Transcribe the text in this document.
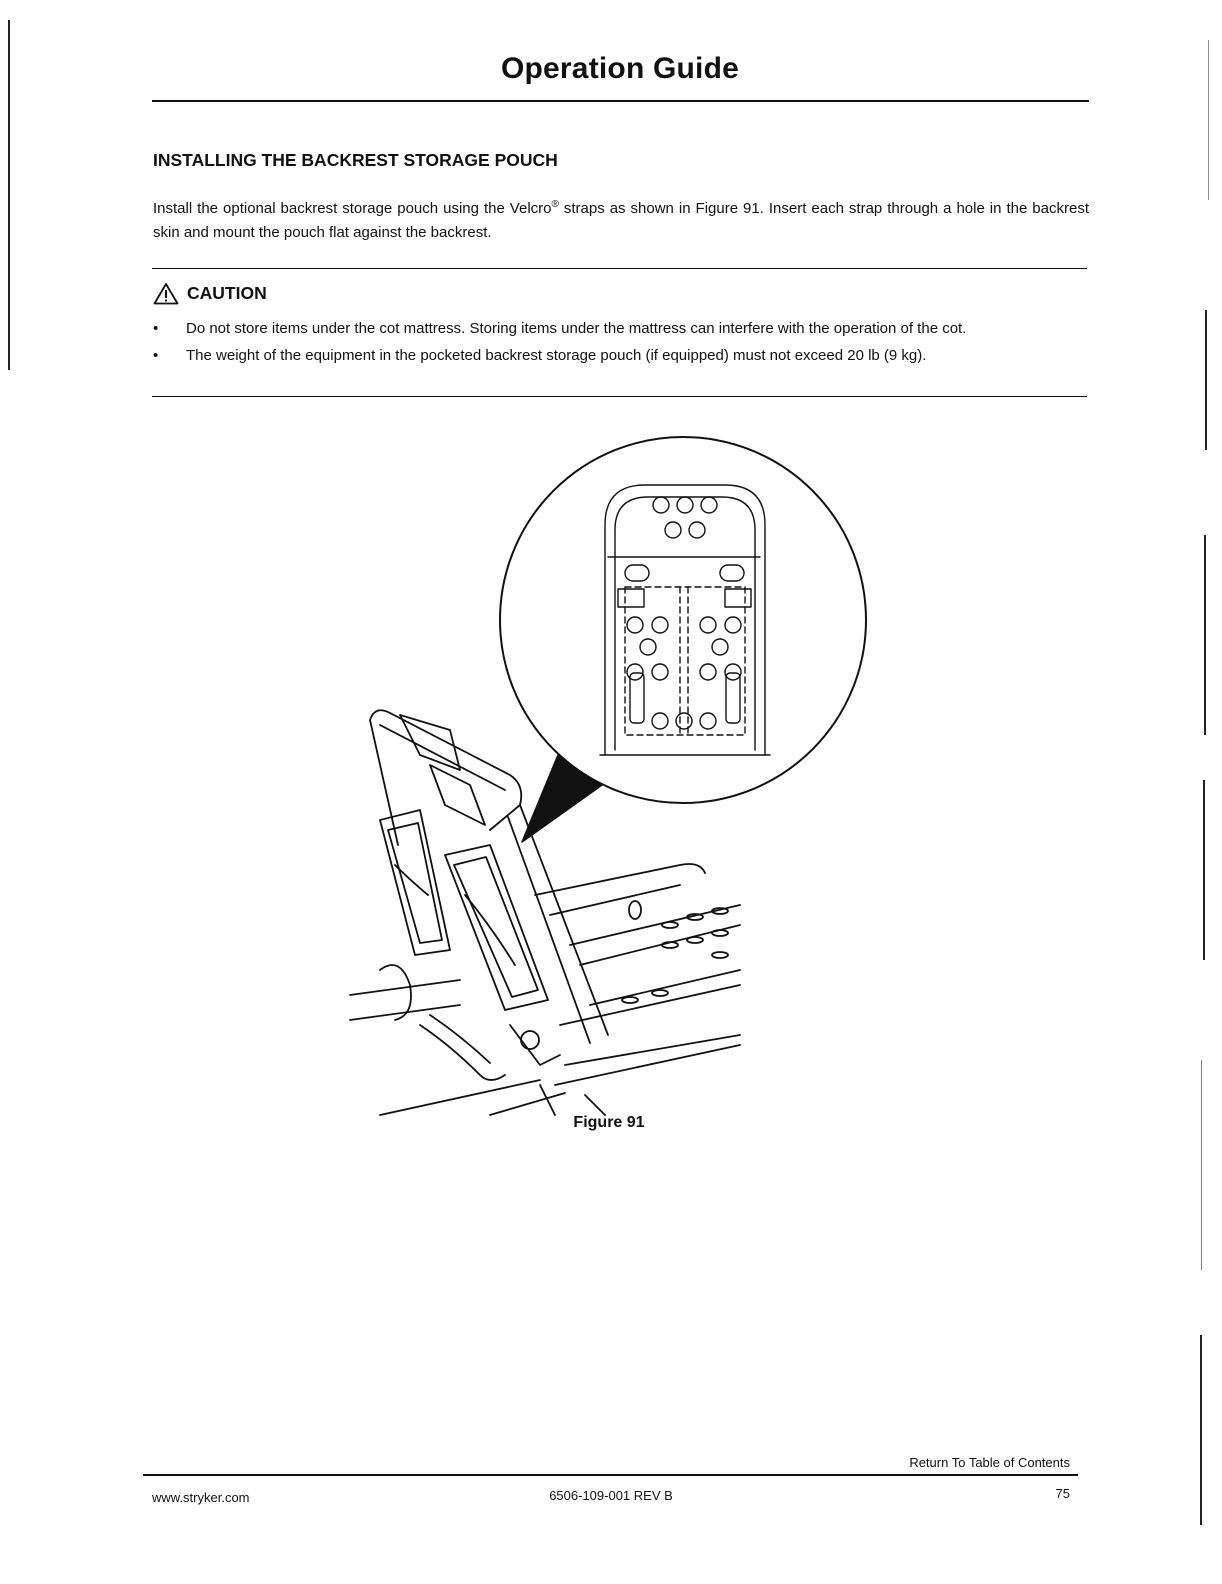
Operation Guide
INSTALLING THE BACKREST STORAGE POUCH
Install the optional backrest storage pouch using the Velcro® straps as shown in Figure 91. Insert each strap through a hole in the backrest skin and mount the pouch flat against the backrest.
CAUTION
• Do not store items under the cot mattress. Storing items under the mattress can interfere with the operation of the cot.
• The weight of the equipment in the pocketed backrest storage pouch (if equipped) must not exceed 20 lb (9 kg).
Figure 91
Return To Table of Contents
www.stryker.com	6506-109-001 REV B	75
